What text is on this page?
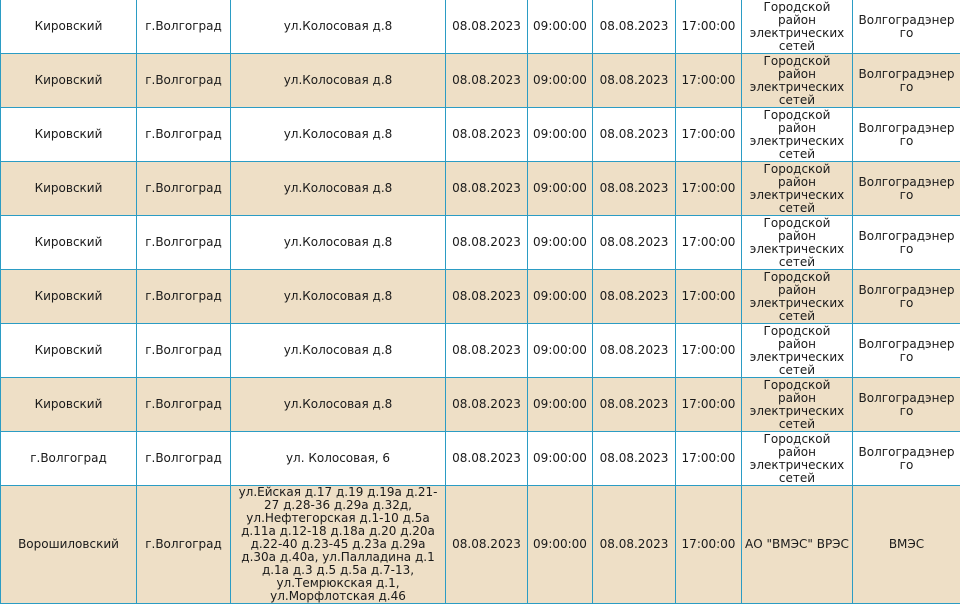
Кировский	г.Волгоград	ул.Колосовая д.8	08.08.2023	09:00:00	08.08.2023	17:00:00	Городской район электрических сетей	Волгоградэнерго
Кировский	г.Волгоград	ул.Колосовая д.8	08.08.2023	09:00:00	08.08.2023	17:00:00	Городской район электрических сетей	Волгоградэнерго
Кировский	г.Волгоград	ул.Колосовая д.8	08.08.2023	09:00:00	08.08.2023	17:00:00	Городской район электрических сетей	Волгоградэнерго
Кировский	г.Волгоград	ул.Колосовая д.8	08.08.2023	09:00:00	08.08.2023	17:00:00	Городской район электрических сетей	Волгоградэнерго
Кировский	г.Волгоград	ул.Колосовая д.8	08.08.2023	09:00:00	08.08.2023	17:00:00	Городской район электрических сетей	Волгоградэнерго
Кировский	г.Волгоград	ул.Колосовая д.8	08.08.2023	09:00:00	08.08.2023	17:00:00	Городской район электрических сетей	Волгоградэнерго
Кировский	г.Волгоград	ул.Колосовая д.8	08.08.2023	09:00:00	08.08.2023	17:00:00	Городской район электрических сетей	Волгоградэнерго
Кировский	г.Волгоград	ул.Колосовая д.8	08.08.2023	09:00:00	08.08.2023	17:00:00	Городской район электрических сетей	Волгоградэнерго
г.Волгоград	г.Волгоград	ул. Колосовая, 6	08.08.2023	09:00:00	08.08.2023	17:00:00	Городской район электрических сетей	Волгоградэнерго
Ворошиловский	г.Волгоград	ул.Ейская д.17 д.19 д.19а д.21-27 д.28-36 д.29а д.32д, ул.Нефтегорская д.1-10 д.5а д.11а д.12-18 д.18а д.20 д.20а д.22-40 д.23-45 д.23а д.29а д.30а д.40а, ул.Палладина д.1 д.1а д.3 д.5 д.5а д.7-13, ул.Темрюкская д.1, ул.Морфлотская д.46	08.08.2023	09:00:00	08.08.2023	17:00:00	АО "ВМЭС" ВРЭС	ВМЭС
